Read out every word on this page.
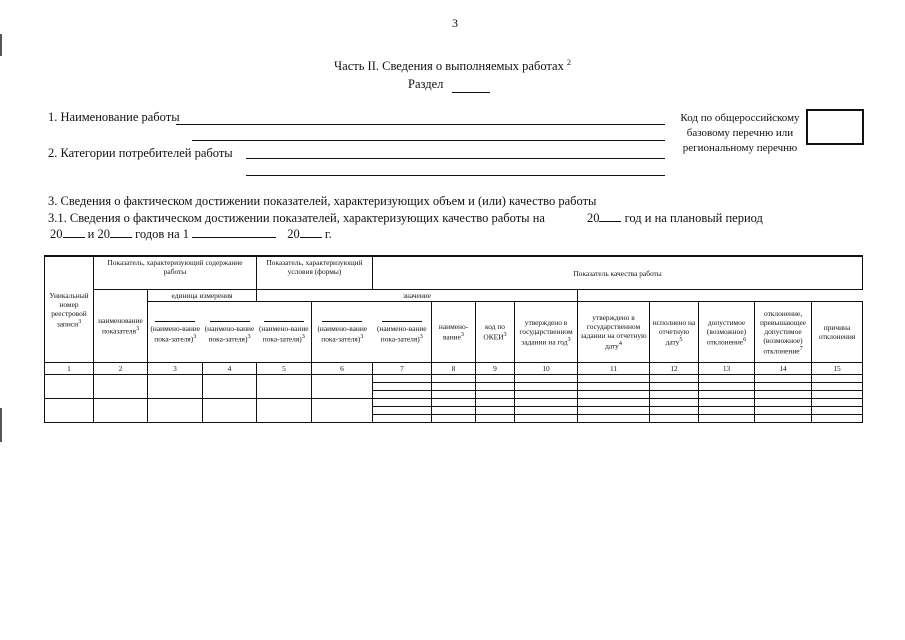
3
Часть II. Сведения о выполняемых работах $^2$
Раздел
1. Наименование работы
2. Категории потребителей работы
Код по общероссийскому базовому перечню или региональному перечню
3. Сведения о фактическом достижении показателей, характеризующих объем и (или) качество работы
3.1. Сведения о фактическом достижении показателей, характеризующих качество работы на	20 год и на плановый период
20 и 20 годов на 1	20 г.
Уникальный номер реестровой записи$^3$	Показатель, характеризующий содержание работы			Показатель, характеризующий условия (формы)		Показатель качества работы								
	наименование показателя$^3$	единица измерения		значение										

(наимено-вание пока-зателя)$^3$	(наимено-вание пока-зателя)$^3$	(наимено-вание пока-зателя)$^3$	(наимено-вание пока-зателя)$^3$	(наимено-вание пока-зателя)$^3$	наимено-вание$^3$	код по ОКЕИ$^3$	утверждено в государственном задании на год$^3$	утверждено в государственном задании на отчетную дату$^4$	исполнено на отчетную дату$^5$	допустимое (возможное) отклонение$^6$	отклонение, превышающее допустимое (возможное) отклонение$^7$	причина отклонения
1	2	3	4	5	6	7	8	9	10	11	12	13	14	15
